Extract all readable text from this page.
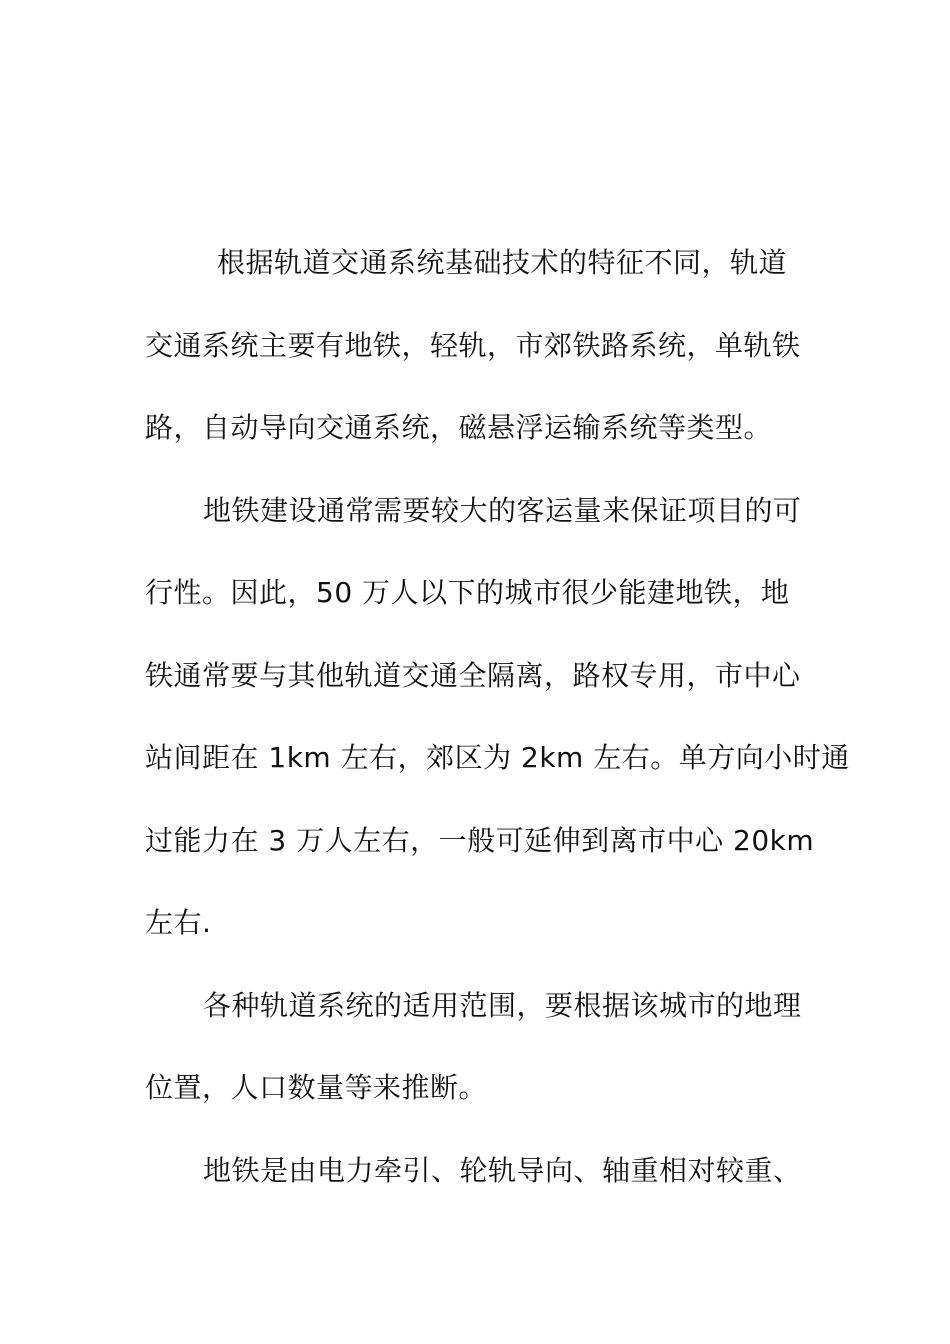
根据轨道交通系统基础技术的特征不同，轨道
交通系统主要有地铁，轻轨，市郊铁路系统，单轨铁
路，自动导向交通系统，磁悬浮运输系统等类型。
地铁建设通常需要较大的客运量来保证项目的可
行性。因此，50 万人以下的城市很少能建地铁，地
铁通常要与其他轨道交通全隔离，路权专用，市中心
站间距在 1km 左右，郊区为 2km 左右。单方向小时通
过能力在 3 万人左右，一般可延伸到离市中心 20km
左右.
各种轨道系统的适用范围，要根据该城市的地理
位置，人口数量等来推断。
地铁是由电力牵引、轮轨导向、轴重相对较重、
